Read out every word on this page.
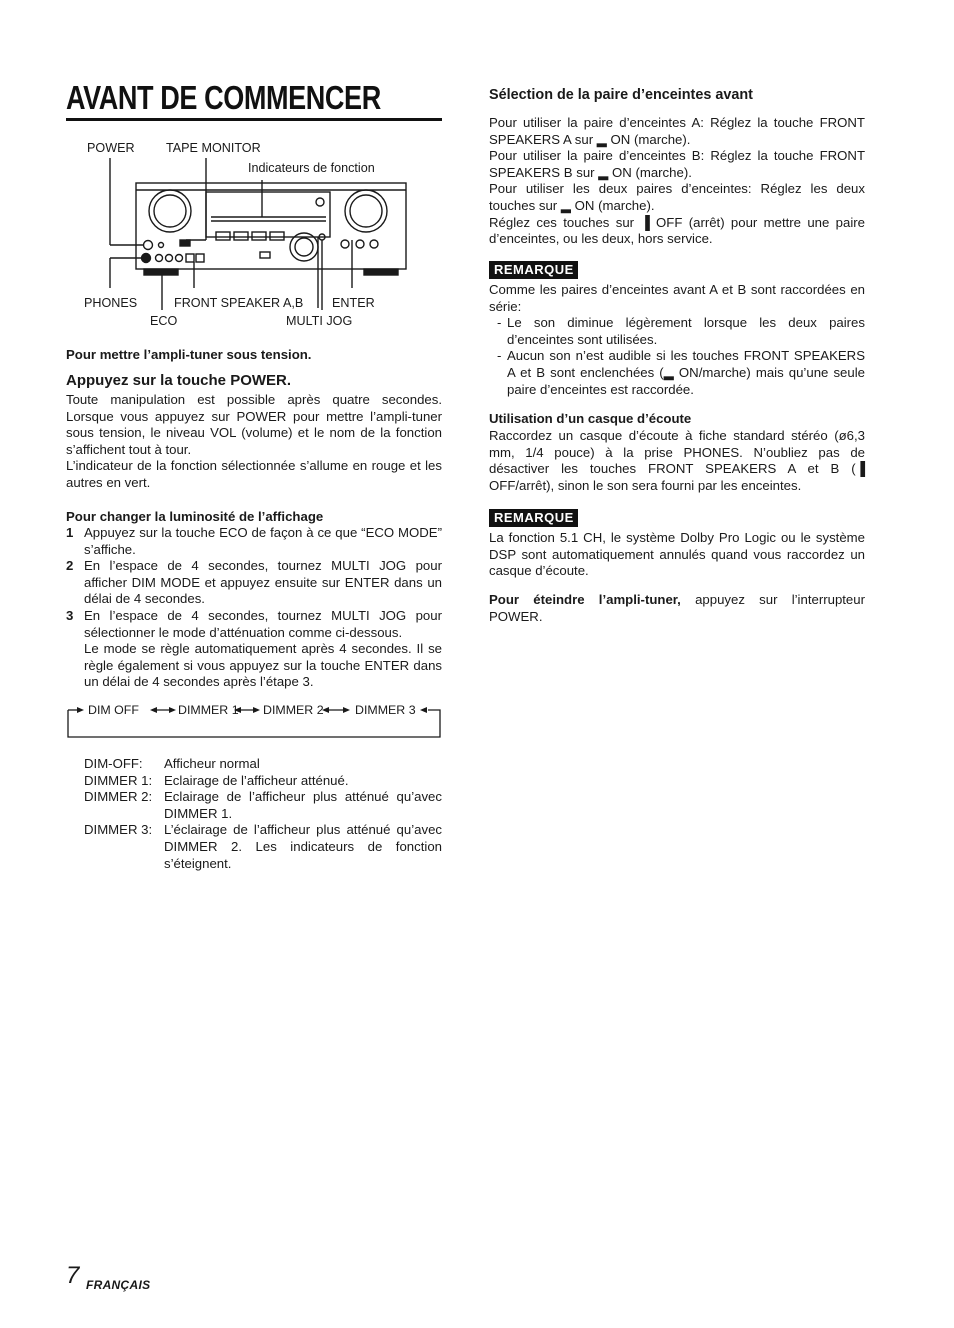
AVANT DE COMMENCER
POWER TAPE MONITOR
Indicateurs de fonction
PHONES	FRONT SPEAKER A,B ENTER
ECO	MULTI JOG
Pour mettre l’ampli-tuner sous tension.
Appuyez sur la touche POWER.

Toute manipulation est possible après quatre secondes. Lorsque vous appuyez sur POWER pour mettre l’ampli-tuner sous tension, le niveau VOL (volume) et le nom de la fonction s’affichent tout à tour.

L’indicateur de la fonction sélectionnée s’allume en rouge et les autres en vert.

Pour changer la luminosité de l’affichage
1 Appuyez sur la touche ECO de façon à ce que “ECO MODE” s’affiche.
2 En l’espace de 4 secondes, tournez MULTI JOG pour afficher DIM MODE et appuyez ensuite sur ENTER dans un délai de 4 secondes.
3 En l’espace de 4 secondes, tournez MULTI JOG pour sélectionner le mode d’atténuation comme ci-dessous.
Le mode se règle automatiquement après 4 secondes. Il se règle également si vous appuyez sur la touche ENTER dans un délai de 4 secondes après l’étape 3.
DIM OFF	DIMMER 1 DIMMER 2	DIMMER 3
DIM-OFF:	Afficheur normal
DIMMER 1:	Eclairage de l’afficheur atténué.
DIMMER 2:	Eclairage de l’afficheur plus atténué qu’avec DIMMER 1.
DIMMER 3:	L’éclairage de l’afficheur plus atténué qu’avec DIMMER 2. Les indicateurs de fonction s’éteignent.
Sélection de la paire d’enceintes avant

Pour utiliser la paire d’enceintes A: Réglez la touche FRONT SPEAKERS A sur ▂ ON (marche).

Pour utiliser la paire d’enceintes B: Réglez la touche FRONT SPEAKERS B sur ▂ ON (marche).

Pour utiliser les deux paires d’enceintes: Réglez les deux touches sur ▂ ON (marche).

Réglez ces touches sur ▐ OFF (arrêt) pour mettre une paire d’enceintes, ou les deux, hors service.

REMARQUE

Comme les paires d’enceintes avant A et B sont raccordées en série:

- Le son diminue légèrement lorsque les deux paires d’enceintes sont utilisées.
- Aucun son n’est audible si les touches FRONT SPEAKERS A et B sont enclenchées (▂ ON/marche) mais qu’une seule paire d’enceintes est raccordée.
Utilisation d’un casque d’écoute
Raccordez un casque d’écoute à fiche standard stéréo (ø6,3 mm, 1/4 pouce) à la prise PHONES. N’oubliez pas de désactiver les touches FRONT SPEAKERS A et B (▐ OFF/arrêt), sinon le son sera fourni par les enceintes.
REMARQUE
La fonction 5.1 CH, le système Dolby Pro Logic ou le système DSP sont automatiquement annulés quand vous raccordez un casque d’écoute.
Pour éteindre l’ampli-tuner, appuyez sur l’interrupteur POWER.
7 FRANÇAIS
